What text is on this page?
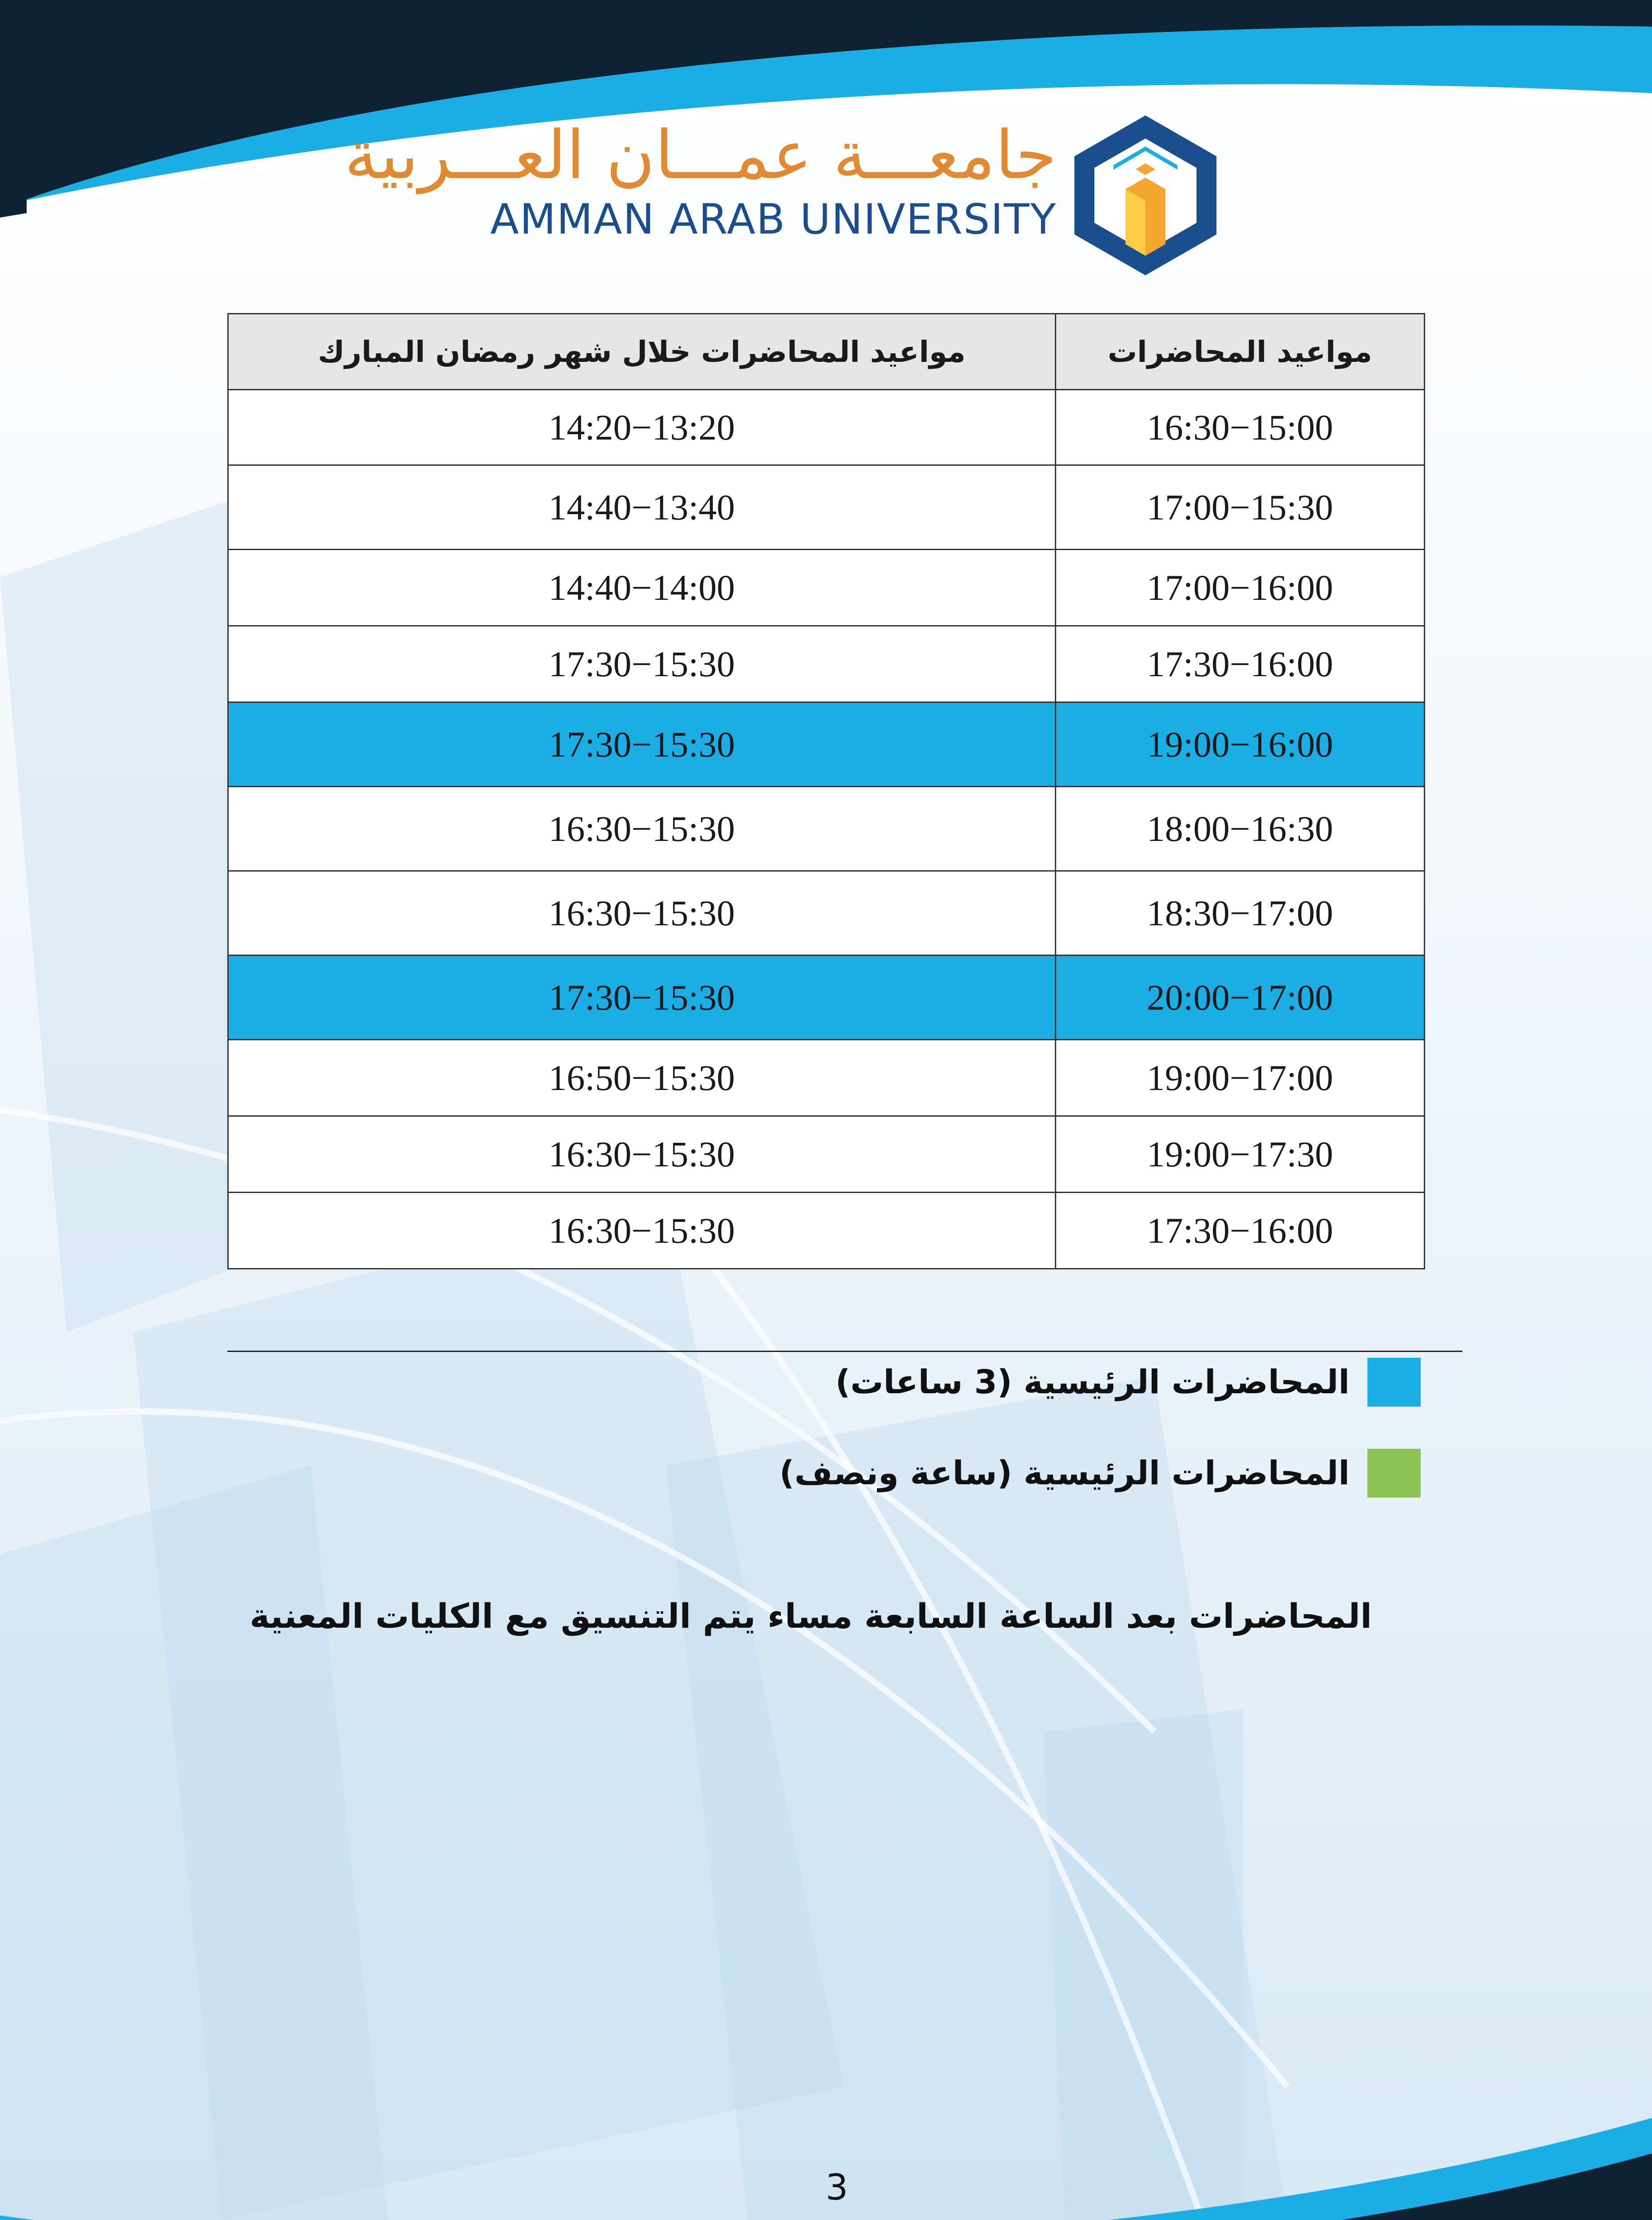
جامعـــة عمـــان العـــربية
AMMAN ARAB UNIVERSITY
مواعيد المحاضرات خلال شهر رمضان المبارك	مواعيد المحاضرات
14:20−13:20	16:30−15:00
14:40−13:40	17:00−15:30
14:40−14:00	17:00−16:00
17:30−15:30	17:30−16:00
17:30−15:30	19:00−16:00
16:30−15:30	18:00−16:30
16:30−15:30	18:30−17:00
17:30−15:30	20:00−17:00
16:50−15:30	19:00−17:00
16:30−15:30	19:00−17:30
16:30−15:30	17:30−16:00
المحاضرات الرئيسية (3 ساعات)
المحاضرات الرئيسية (ساعة ونصف)
المحاضرات بعد الساعة السابعة مساء يتم التنسيق مع الكليات المعنية
3
